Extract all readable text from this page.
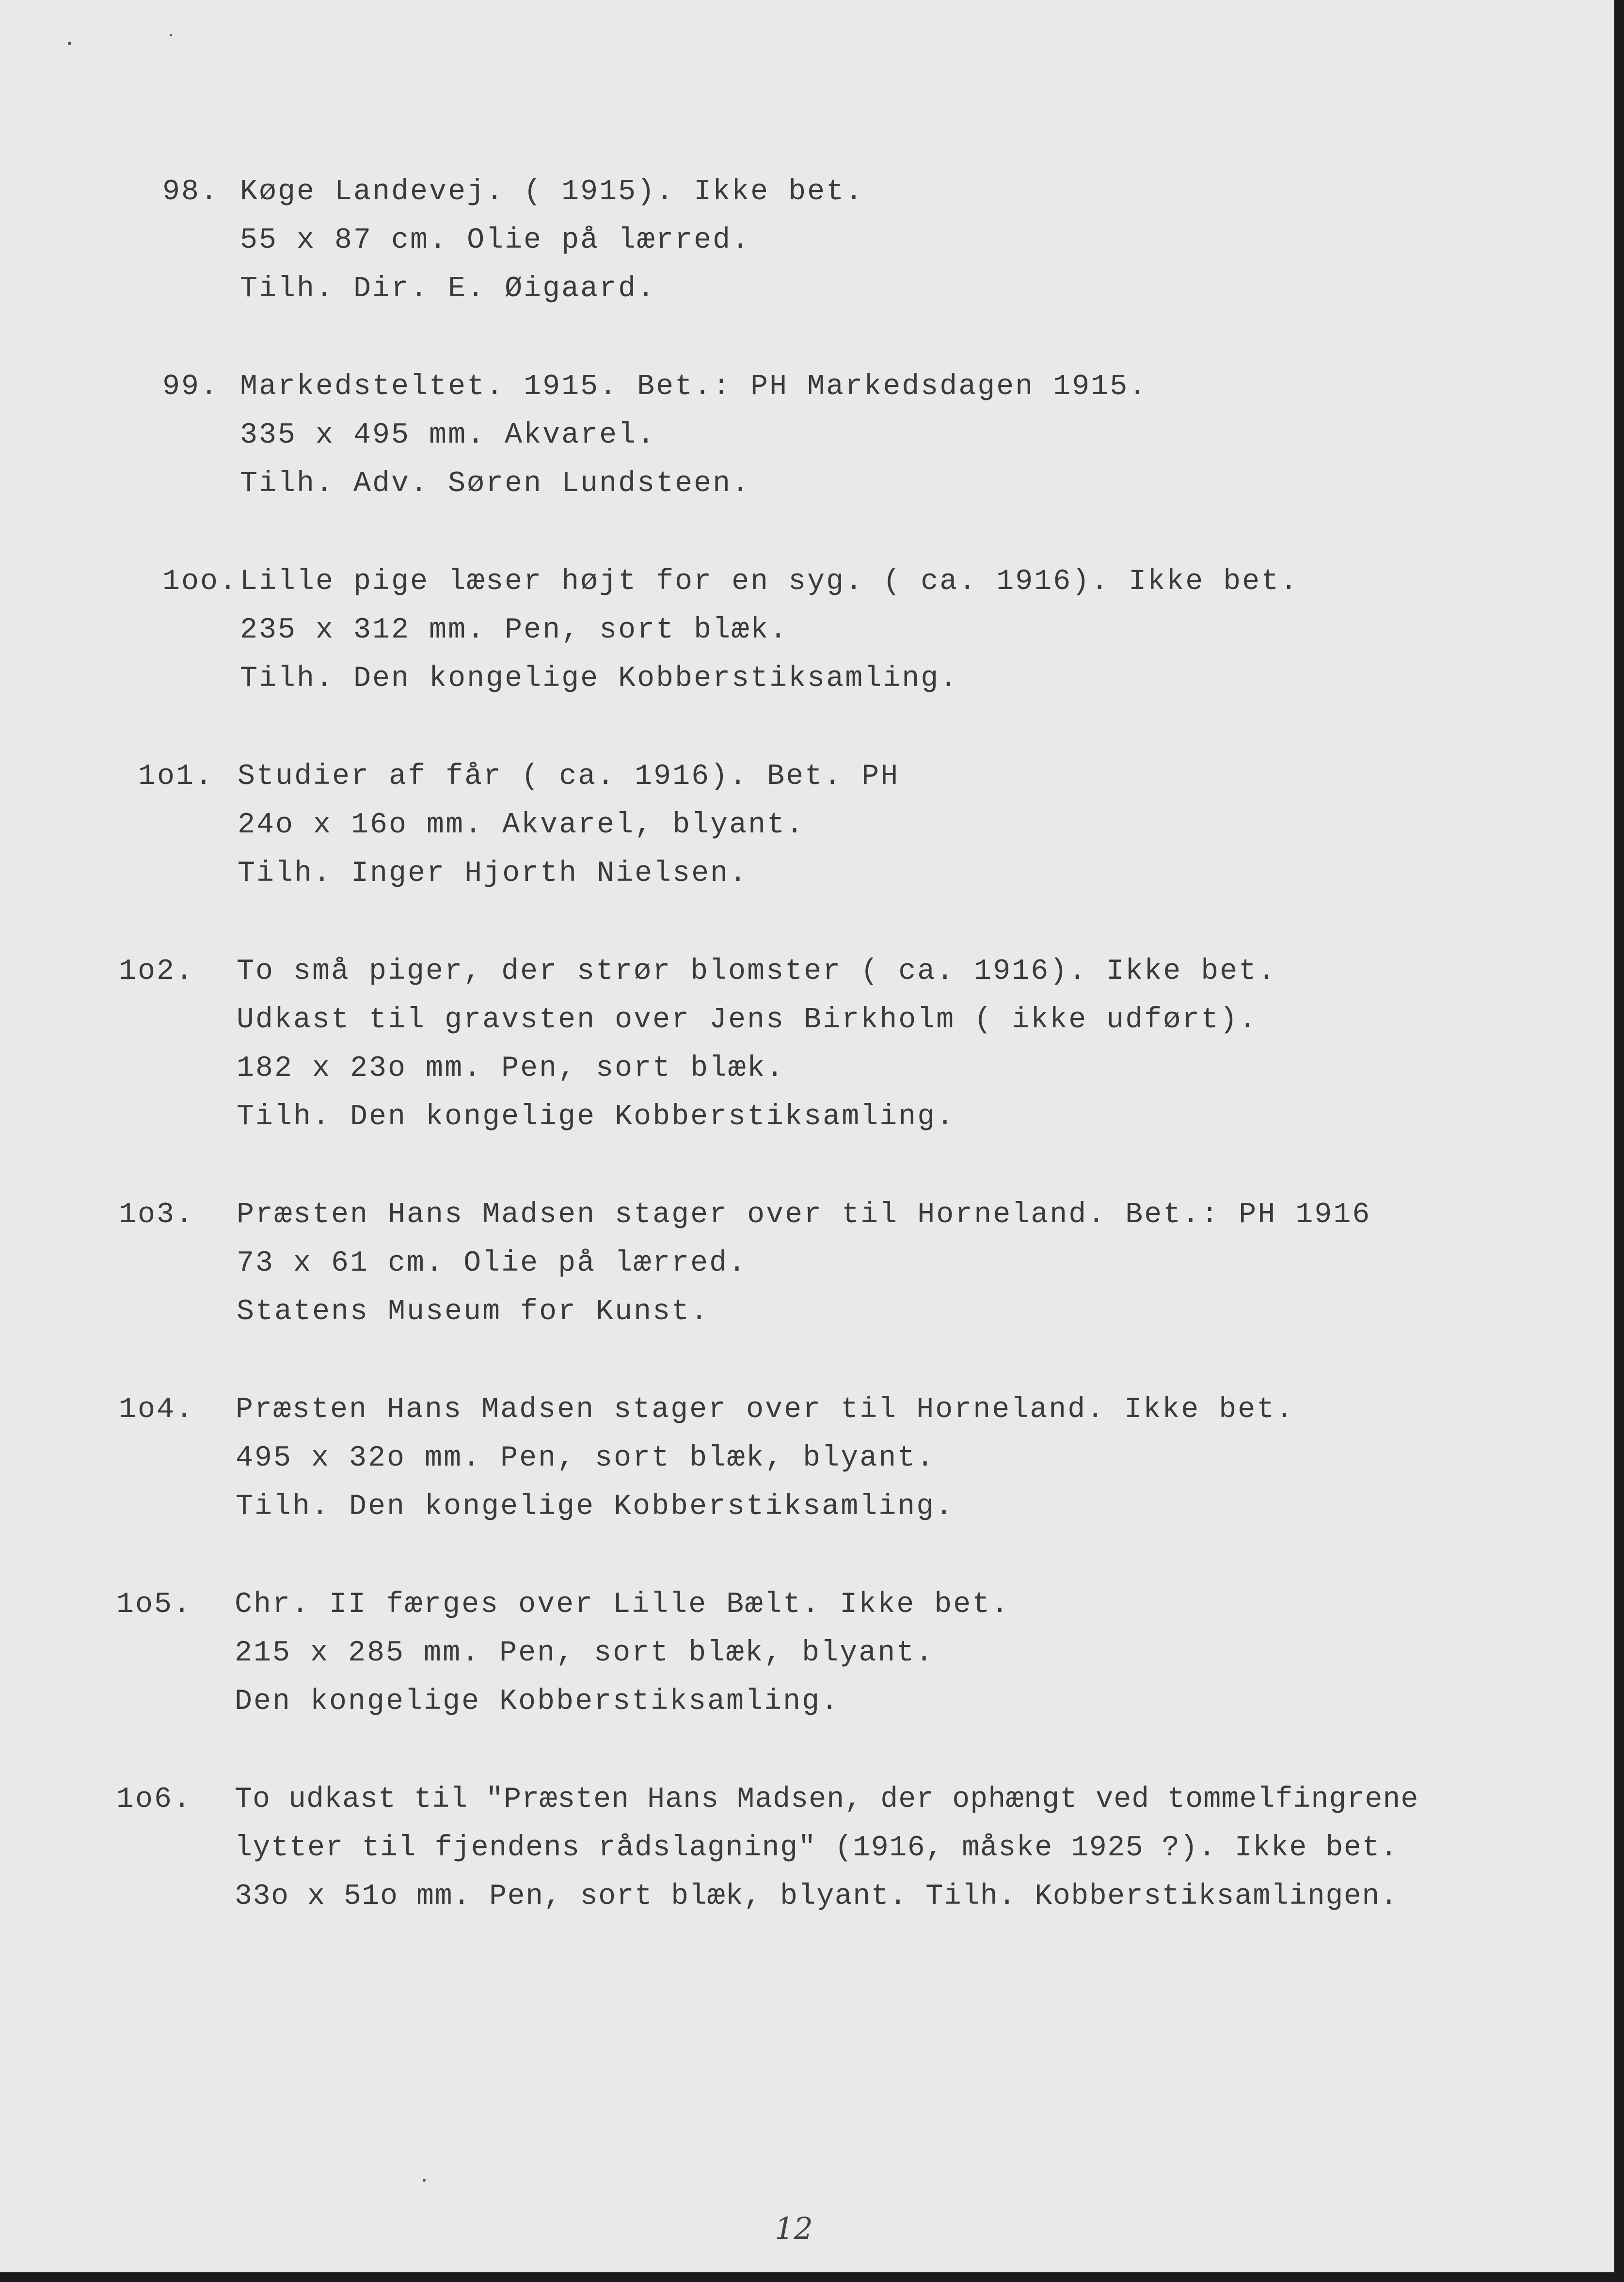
98. Køge Landevej. ( 1915). Ikke bet.
55 x 87 cm. Olie på lærred.
Tilh. Dir. E. Øigaard.
99. Markedsteltet. 1915. Bet.: PH Markedsdagen 1915.
335 x 495 mm. Akvarel.
Tilh. Adv. Søren Lundsteen.
1oo. Lille pige læser højt for en syg. ( ca. 1916). Ikke bet.
235 x 312 mm. Pen, sort blæk.
Tilh. Den kongelige Kobberstiksamling.
1o1. Studier af får ( ca. 1916). Bet. PH
24o x 16o mm. Akvarel, blyant.
Tilh. Inger Hjorth Nielsen.
1o2. To små piger, der strør blomster ( ca. 1916). Ikke bet.
Udkast til gravsten over Jens Birkholm ( ikke udført).
182 x 23o mm. Pen, sort blæk.
Tilh. Den kongelige Kobberstiksamling.
1o3. Præsten Hans Madsen stager over til Horneland. Bet.: PH 1916
73 x 61 cm. Olie på lærred.
Statens Museum for Kunst.
1o4. Præsten Hans Madsen stager over til Horneland. Ikke bet.
495 x 32o mm. Pen, sort blæk, blyant.
Tilh. Den kongelige Kobberstiksamling.
1o5. Chr. II færges over Lille Bælt. Ikke bet.
215 x 285 mm. Pen, sort blæk, blyant.
Den kongelige Kobberstiksamling.
1o6. To udkast til "Præsten Hans Madsen, der ophængt ved tommelfingrene
lytter til fjendens rådslagning" (1916, måske 1925 ?). Ikke bet.
33o x 51o mm. Pen, sort blæk, blyant. Tilh. Kobberstiksamlingen.
12
